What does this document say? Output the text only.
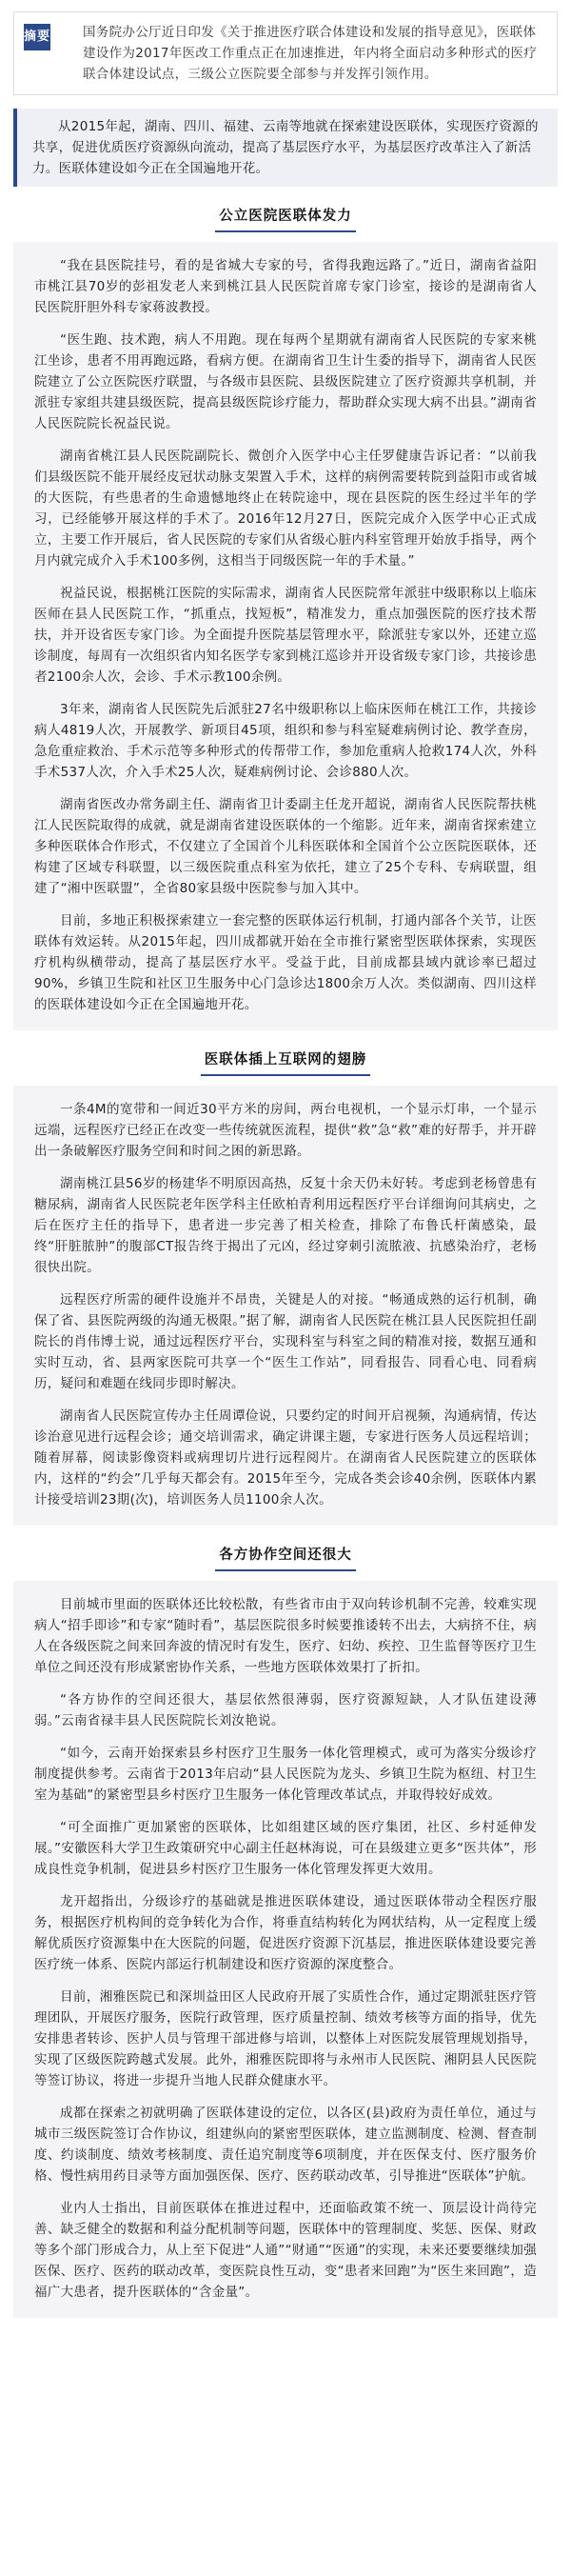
摘要	国务院办公厅近日印发《关于推进医疗联合体建设和发展的指导意见》，医联体建设作为2017年医改工作重点正在加速推进，年内将全面启动多种形式的医疗联合体建设试点，三级公立医院要全部参与并发挥引领作用。
从2015年起，湖南、四川、福建、云南等地就在探索建设医联体，实现医疗资源的共享，促进优质医疗资源纵向流动，提高了基层医疗水平，为基层医疗改革注入了新活力。医联体建设如今正在全国遍地开花。
公立医院医联体发力

“我在县医院挂号，看的是省城大专家的号，省得我跑远路了。”近日，湖南省益阳市桃江县70岁的彭祖发老人来到桃江县人民医院首席专家门诊室，接诊的是湖南省人民医院肝胆外科专家蒋波教授。

“医生跑、技术跑，病人不用跑。现在每两个星期就有湖南省人民医院的专家来桃江坐诊，患者不用再跑远路，看病方便。在湖南省卫生计生委的指导下，湖南省人民医院建立了公立医院医疗联盟，与各级市县医院、县级医院建立了医疗资源共享机制，并派驻专家组共建县级医院，提高县级医院诊疗能力，帮助群众实现大病不出县。”湖南省人民医院院长祝益民说。

湖南省桃江县人民医院副院长、微创介入医学中心主任罗健康告诉记者：“以前我们县级医院不能开展经皮冠状动脉支架置入手术，这样的病例需要转院到益阳市或省城的大医院，有些患者的生命遗憾地终止在转院途中，现在县医院的医生经过半年的学习，已经能够开展这样的手术了。2016年12月27日，医院完成介入医学中心正式成立，主要工作开展后，省人民医院的专家们从省级心脏内科室管理开始放手指导，两个月内就完成介入手术100多例，这相当于同级医院一年的手术量。”

祝益民说，根据桃江医院的实际需求，湖南省人民医院常年派驻中级职称以上临床医师在县人民医院工作，“抓重点，找短板”，精准发力，重点加强医院的医疗技术帮扶，并开设省医专家门诊。为全面提升医院基层管理水平，除派驻专家以外，还建立巡诊制度，每周有一次组织省内知名医学专家到桃江巡诊并开设省级专家门诊，共接诊患者2100余人次，会诊、手术示教100余例。

3年来，湖南省人民医院先后派驻27名中级职称以上临床医师在桃江工作，共接诊病人4819人次，开展教学、新项目45项，组织和参与科室疑难病例讨论、教学查房，急危重症救治、手术示范等多种形式的传帮带工作，参加危重病人抢救174人次，外科手术537人次，介入手术25人次，疑难病例讨论、会诊880人次。

湖南省医改办常务副主任、湖南省卫计委副主任龙开超说，湖南省人民医院帮扶桃江人民医院取得的成就，就是湖南省建设医联体的一个缩影。近年来，湖南省探索建立多种医联体合作形式，不仅建立了全国首个儿科医联体和全国首个公立医院医联体，还构建了区域专科联盟，以三级医院重点科室为依托，建立了25个专科、专病联盟，组建了“湘中医联盟”，全省80家县级中医院参与加入其中。

目前，多地正积极探索建立一套完整的医联体运行机制，打通内部各个关节，让医联体有效运转。从2015年起，四川成都就开始在全市推行紧密型医联体探索，实现医疗机构纵横带动，提高了基层医疗水平。受益于此，目前成都县域内就诊率已超过90%，乡镇卫生院和社区卫生服务中心门急诊达1800余万人次。类似湖南、四川这样的医联体建设如今正在全国遍地开花。

医联体插上互联网的翅膀

一条4M的宽带和一间近30平方米的房间，两台电视机，一个显示灯串，一个显示远端，远程医疗已经正在改变一些传统就医流程，提供“救”急“救”难的好帮手，并开辟出一条破解医疗服务空间和时间之困的新思路。

湖南桃江县56岁的杨建华不明原因高热，反复十余天仍未好转。考虑到老杨曾患有糖尿病，湖南省人民医院老年医学科主任欧柏青利用远程医疗平台详细询问其病史，之后在医疗主任的指导下，患者进一步完善了相关检查，排除了布鲁氏杆菌感染，最终“肝脏脓肿”的腹部CT报告终于揭出了元凶，经过穿刺引流脓液、抗感染治疗，老杨很快出院。

远程医疗所需的硬件设施并不昂贵，关键是人的对接。“畅通成熟的运行机制，确保了省、县医院两级的沟通无极限。”据了解，湖南省人民医院在桃江县人民医院担任副院长的肖伟博士说，通过远程医疗平台，实现科室与科室之间的精准对接，数据互通和实时互动，省、县两家医院可共享一个“医生工作站”，同看报告、同看心电、同看病历，疑问和难题在线同步即时解决。

湖南省人民医院宣传办主任周谭俭说，只要约定的时间开启视频，沟通病情，传达诊治意见进行远程会诊；通交培训需求，确定讲课主题，专家进行医务人员远程培训；随着屏幕，阅读影像资料或病理切片进行远程阅片。在湖南省人民医院建立的医联体内，这样的“约会”几乎每天都会有。2015年至今，完成各类会诊40余例，医联体内累计接受培训23期(次)，培训医务人员1100余人次。

各方协作空间还很大

目前城市里面的医联体还比较松散，有些省市由于双向转诊机制不完善，较难实现病人“招手即诊”和专家“随时看”，基层医院很多时候要推诿转不出去，大病挤不住，病人在各级医院之间来回奔波的情况时有发生，医疗、妇幼、疾控、卫生监督等医疗卫生单位之间还没有形成紧密协作关系，一些地方医联体效果打了折扣。

“各方协作的空间还很大，基层依然很薄弱，医疗资源短缺，人才队伍建设薄弱。”云南省禄丰县人民医院院长刘汝艳说。

“如今，云南开始探索县乡村医疗卫生服务一体化管理模式，或可为落实分级诊疗制度提供参考。云南省于2013年启动“县人民医院为龙头、乡镇卫生院为枢纽、村卫生室为基础”的紧密型县乡村医疗卫生服务一体化管理改革试点，并取得较好成效。

“可全面推广更加紧密的医联体，比如组建区域的医疗集团，社区、乡村延伸发展。”安徽医科大学卫生政策研究中心副主任赵林海说，可在县级建立更多“医共体”，形成良性竞争机制，促进县乡村医疗卫生服务一体化管理发挥更大效用。

龙开超指出，分级诊疗的基础就是推进医联体建设，通过医联体带动全程医疗服务，根据医疗机构间的竞争转化为合作，将垂直结构转化为网状结构，从一定程度上缓解优质医疗资源集中在大医院的问题，促进医疗资源下沉基层，推进医联体建设要完善医疗统一体系、医院内部运行机制建设和医疗资源的深度整合。

目前，湘雅医院已和深圳益田区人民政府开展了实质性合作，通过定期派驻医疗管理团队，开展医疗服务，医院行政管理，医疗质量控制、绩效考核等方面的指导，优先安排患者转诊、医护人员与管理干部进修与培训，以整体上对医院发展管理规划指导，实现了区级医院跨越式发展。此外，湘雅医院即将与永州市人民医院、湘阴县人民医院等签订协议，将进一步提升当地人民群众健康水平。

成都在探索之初就明确了医联体建设的定位，以各区(县)政府为责任单位，通过与城市三级医院签订合作协议，组建纵向的紧密型医联体，建立监测制度、检测、督查制度、约谈制度、绩效考核制度、责任追究制度等6项制度，并在医保支付、医疗服务价格、慢性病用药目录等方面加强医保、医疗、医药联动改革，引导推进“医联体”护航。

业内人士指出，目前医联体在推进过程中，还面临政策不统一、顶层设计尚待完善、缺乏健全的数据和利益分配机制等问题，医联体中的管理制度、奖惩、医保、财政等多个部门形成合力，从上至下促进“人通”“财通”“医通”的实现，未来还要要继续加强医保、医疗、医药的联动改革，变医院良性互动，变“患者来回跑”为“医生来回跑”，造福广大患者，提升医联体的“含金量”。
